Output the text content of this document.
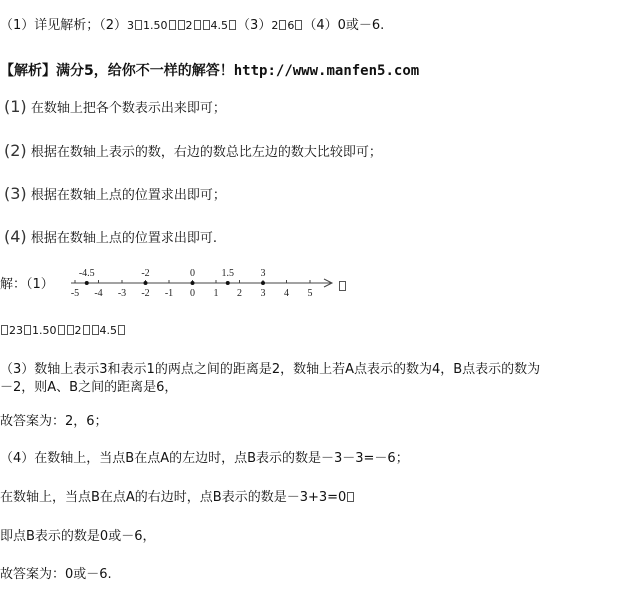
（1）详见解析；（2）3 1.50 2 4.5 （3）2 6 （4）0或－6.
【解析】满分5，给你不一样的解答！http://www.manfen5.com
(1) 在数轴上把各个数表示出来即可；
(2) 根据在数轴上表示的数，右边的数总比左边的数大比较即可；
(3) 根据在数轴上点的位置求出即可；
(4) 根据在数轴上点的位置求出即可.
解：（1）
-5 -4 -3 -2 -1 0 1 2 3 4 5
-4.5	-2	0	1.5	3
23 1.50 2 4.5
（3）数轴上表示3和表示1的两点之间的距离是2，数轴上若A点表示的数为4，B点表示的数为
－2，则A、B之间的距离是6，
故答案为：2，6；
（4）在数轴上，当点B在点A的左边时，点B表示的数是－3－3=－6；
在数轴上，当点B在点A的右边时，点B表示的数是－3+3=0
即点B表示的数是0或－6，
故答案为：0或－6.
